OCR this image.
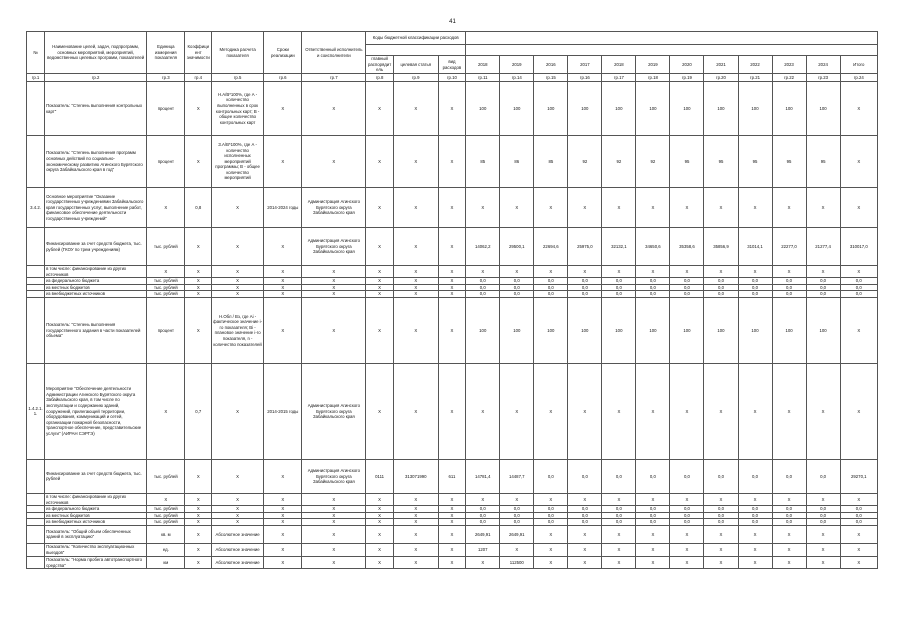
41
№	Наименование целей, задач, подпрограмм, основных мероприятий, мероприятий, ведомственных целевых программ, показателей	Единица измерения показателя	Коэффициент значимости	Методика расчета показателя	Сроки реализации	Ответственный исполнитель и соисполнители	Коды бюджетной классификации расходов														

							главный распорядитель	целевая статья	вид расходов	2018	2019	2016	2017	2018	2019	2020	2021	2022	2023	2024	Итого
гр.1	гр.2	гр.3	гр.4	гр.5	гр.6	гр.7	гр.8	гр.9	гр.10	гр.11	гр.14	гр.15	гр.16	гр.17	гр.18	гр.19	гр.20	гр.21	гр.22	гр.23	гр.24
	Показатель: "Степень выполнения контрольных карт"	процент	X	Н.А/В*100%, где А - количество выполненных в срок контрольных карт; В - общее количество контрольных карт	X	X	X	X	X	100	100	100	100	100	100	100	100	100	100	100	X
	Показатель: "Степень выполнения программ основных действий по социально-экономическому развитию Агинского Бурятского округа Забайкальского края в год"	процент	X	З.А/В*100%, где А - количество исполненных мероприятий программы; В - общее количество мероприятий	X	X	X	X	X	85	86	85	92	92	92	95	95	95	95	95	X
3.4.2.	Основное мероприятие "Оказание государственных учреждениями Забайкальского края государственных услуг, выполнение работ, финансовое обеспечение деятельности государственных учреждений"	X	0,8	X	2014-2024 годы	Администрация Агинского Бурятского округа Забайкальского края	X	X	X	X	X	X	X	X	X	X	X	X	X	X	X
	Финансирование за счет средств бюджета, тыс. рублей (ГКОУ по трем учреждениям)	тыс. рублей	X	X	X	Администрация Агинского Бурятского округа Забайкальского края	X	X	X	14062,2	29500,1	22694,6	25975,0	32132,1	34650,6	35358,6	35856,9	31014,1	22277,0	21277,4	310017,0
	в том числе: финансирование из других источников	X	X	X	X	X	X	X	X	X	X	X	X	X	X	X	X	X	X	X	X
	из федерального бюджета	тыс. рублей	X	X	X	X	X	X	X	0,0	0,0	0,0	0,0	0,0	0,0	0,0	0,0	0,0	0,0	0,0	0,0
	из местных бюджетов	тыс. рублей	X	X	X	X	X	X	X	0,0	0,0	0,0	0,0	0,0	0,0	0,0	0,0	0,0	0,0	0,0	0,0
	из внебюджетных источников	тыс. рублей	X	X	X	X	X	X	X	0,0	0,0	0,0	0,0	0,0	0,0	0,0	0,0	0,0	0,0	0,0	0,0
	Показатель: "Степень выполнения государственного задания в части показателей объема"	процент	X	Н.Обл / Вз, где Аi - фактическое значение i-го показателя; Вi - плановое значение i-го показателя, n - количество показателей	X	X	X	X	X	100	100	100	100	100	100	100	100	100	100	100	X
1.4.2.1.1.	Мероприятие "Обеспечение деятельности Администрации Агинского Бурятского округа Забайкальского края, в том числе по эксплуатации и содержанию зданий, сооружений, прилегающей территории, оборудования, коммуникаций и сетей, организации пожарной безопасности, транспортное обеспечение, представительские услуги" (АИРАН СЭРГЭ)	X	0,7	X	2014-2015 годы	Администрация Агинского Бурятского округа Забайкальского края	X	X	X	X	X	X	X	X	X	X	X	X	X	X	X
	Финансирование за счет средств бюджета, тыс. рублей	тыс. рублей	X	X	X	Администрация Агинского Бурятского округа Забайкальского края	0111	313071990	611	14781,4	14487,7	0,0	0,0	0,0	0,0	0,0	0,0	0,0	0,0	0,0	29270,1
	в том числе: финансирование из других источников	X	X	X	X	X	X	X	X	X	X	X	X	X	X	X	X	X	X	X	X
	из федерального бюджета	тыс. рублей	X	X	X	X	X	X	X	0,0	0,0	0,0	0,0	0,0	0,0	0,0	0,0	0,0	0,0	0,0	0,0
	из местных бюджетов	тыс. рублей	X	X	X	X	X	X	X	0,0	0,0	0,0	0,0	0,0	0,0	0,0	0,0	0,0	0,0	0,0	0,0
	из внебюджетных источников	тыс. рублей	X	X	X	X	X	X	X	0,0	0,0	0,0	0,0	0,0	0,0	0,0	0,0	0,0	0,0	0,0	0,0
	Показатель: "Общий объем обеспеченных зданий в эксплуатацию"	кв. м	X	Абсолютное значение	X	X	X	X	X	2649,91	2649,91	X	X	X	X	X	X	X	X	X	X
	Показатель: "Количество эксплуатационных выездов"	ед.	X	Абсолютное значение	X	X	X	X	X	1207	X	X	X	X	X	X	X	X	X	X	X
	Показатель: "Норма пробега автотранспортного средства"	км	X	Абсолютное значение	X	X	X	X	X	X	112500	X	X	X	X	X	X	X	X	X	X
